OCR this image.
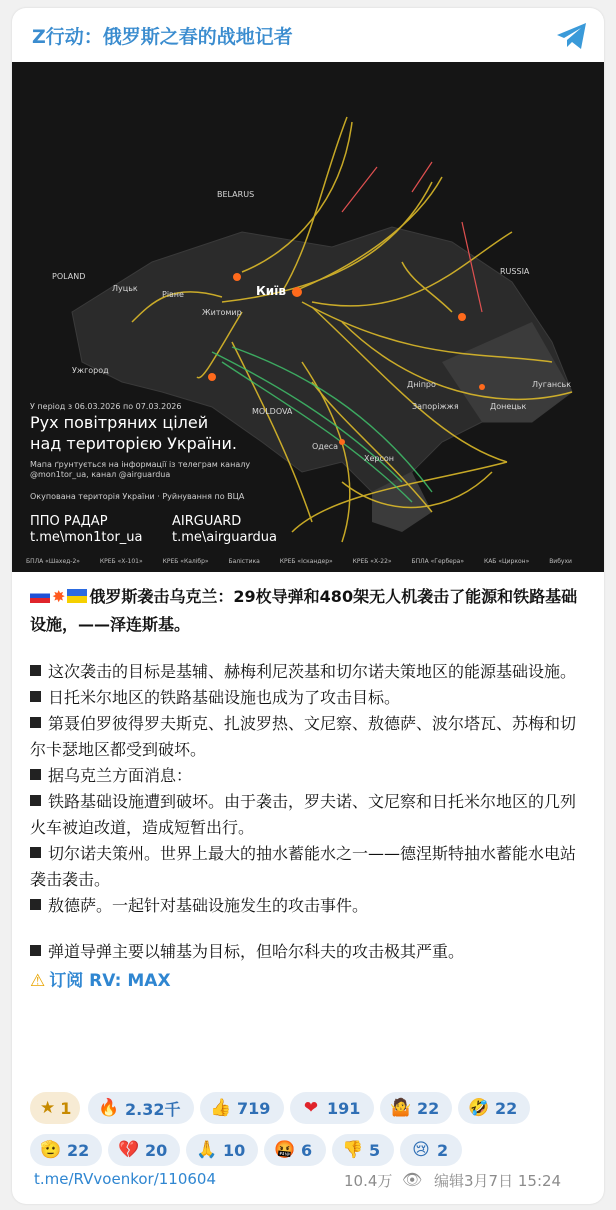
Z行动：俄罗斯之春的战地记者
BELARUS
POLAND
RUSSIA
MOLDOVA
Київ
Житомир
Луцьк
Рівне
Ужгород
Дніпро
Запоріжжя
Херсон
Одеса
Луганськ
Донецьк
У період з 06.03.2026 по 07.03.2026
Рух повітряних цілей
над територією України.
Мапа ґрунтується на інформації із телеграм каналу @mon1tor_ua, канал @airguardua
Окупована територія України · Руйнування по ВЦА
ППО РАДАР
t.me\mon1tor_ua
AIRGUARD
t.me\airguardua
БПЛА «Шахед-2»	КРЕБ «Х-101»	КРЕБ «Калібр»	Балістика	КРЕБ «Іскандер»	КРЕБ «Х-22»	БПЛА «Гербера»	КАБ «Циркон»	Вибухи

✸ 俄罗斯袭击乌克兰：29枚导弹和480架无人机袭击了能源和铁路基础设施，——泽连斯基。

这次袭击的目标是基辅、赫梅利尼茨基和切尔诺夫策地区的能源基础设施。

日托米尔地区的铁路基础设施也成为了攻击目标。

第聂伯罗彼得罗夫斯克、扎波罗热、文尼察、敖德萨、波尔塔瓦、苏梅和切尔卡瑟地区都受到破坏。

据乌克兰方面消息：

铁路基础设施遭到破坏。由于袭击，罗夫诺、文尼察和日托米尔地区的几列火车被迫改道，造成短暂出行。

切尔诺夫策州。世界上最大的抽水蓄能水之一——德涅斯特抽水蓄能水电站袭击袭击。

敖德萨。一起针对基础设施发生的攻击事件。

弹道导弹主要以辅基为目标，但哈尔科夫的攻击极其严重。

⚠ 订阅 RV: MAX
★ 1 🔥 2.32千 👍 719 ❤ 191 🤷 22 🤣 22
🫡 22 💔 20 🙏 10 🤬 6 👎 5 😢 2
t.me/RVvoenkor/110604	10.4万 👁 编辑3月7日 15:24
